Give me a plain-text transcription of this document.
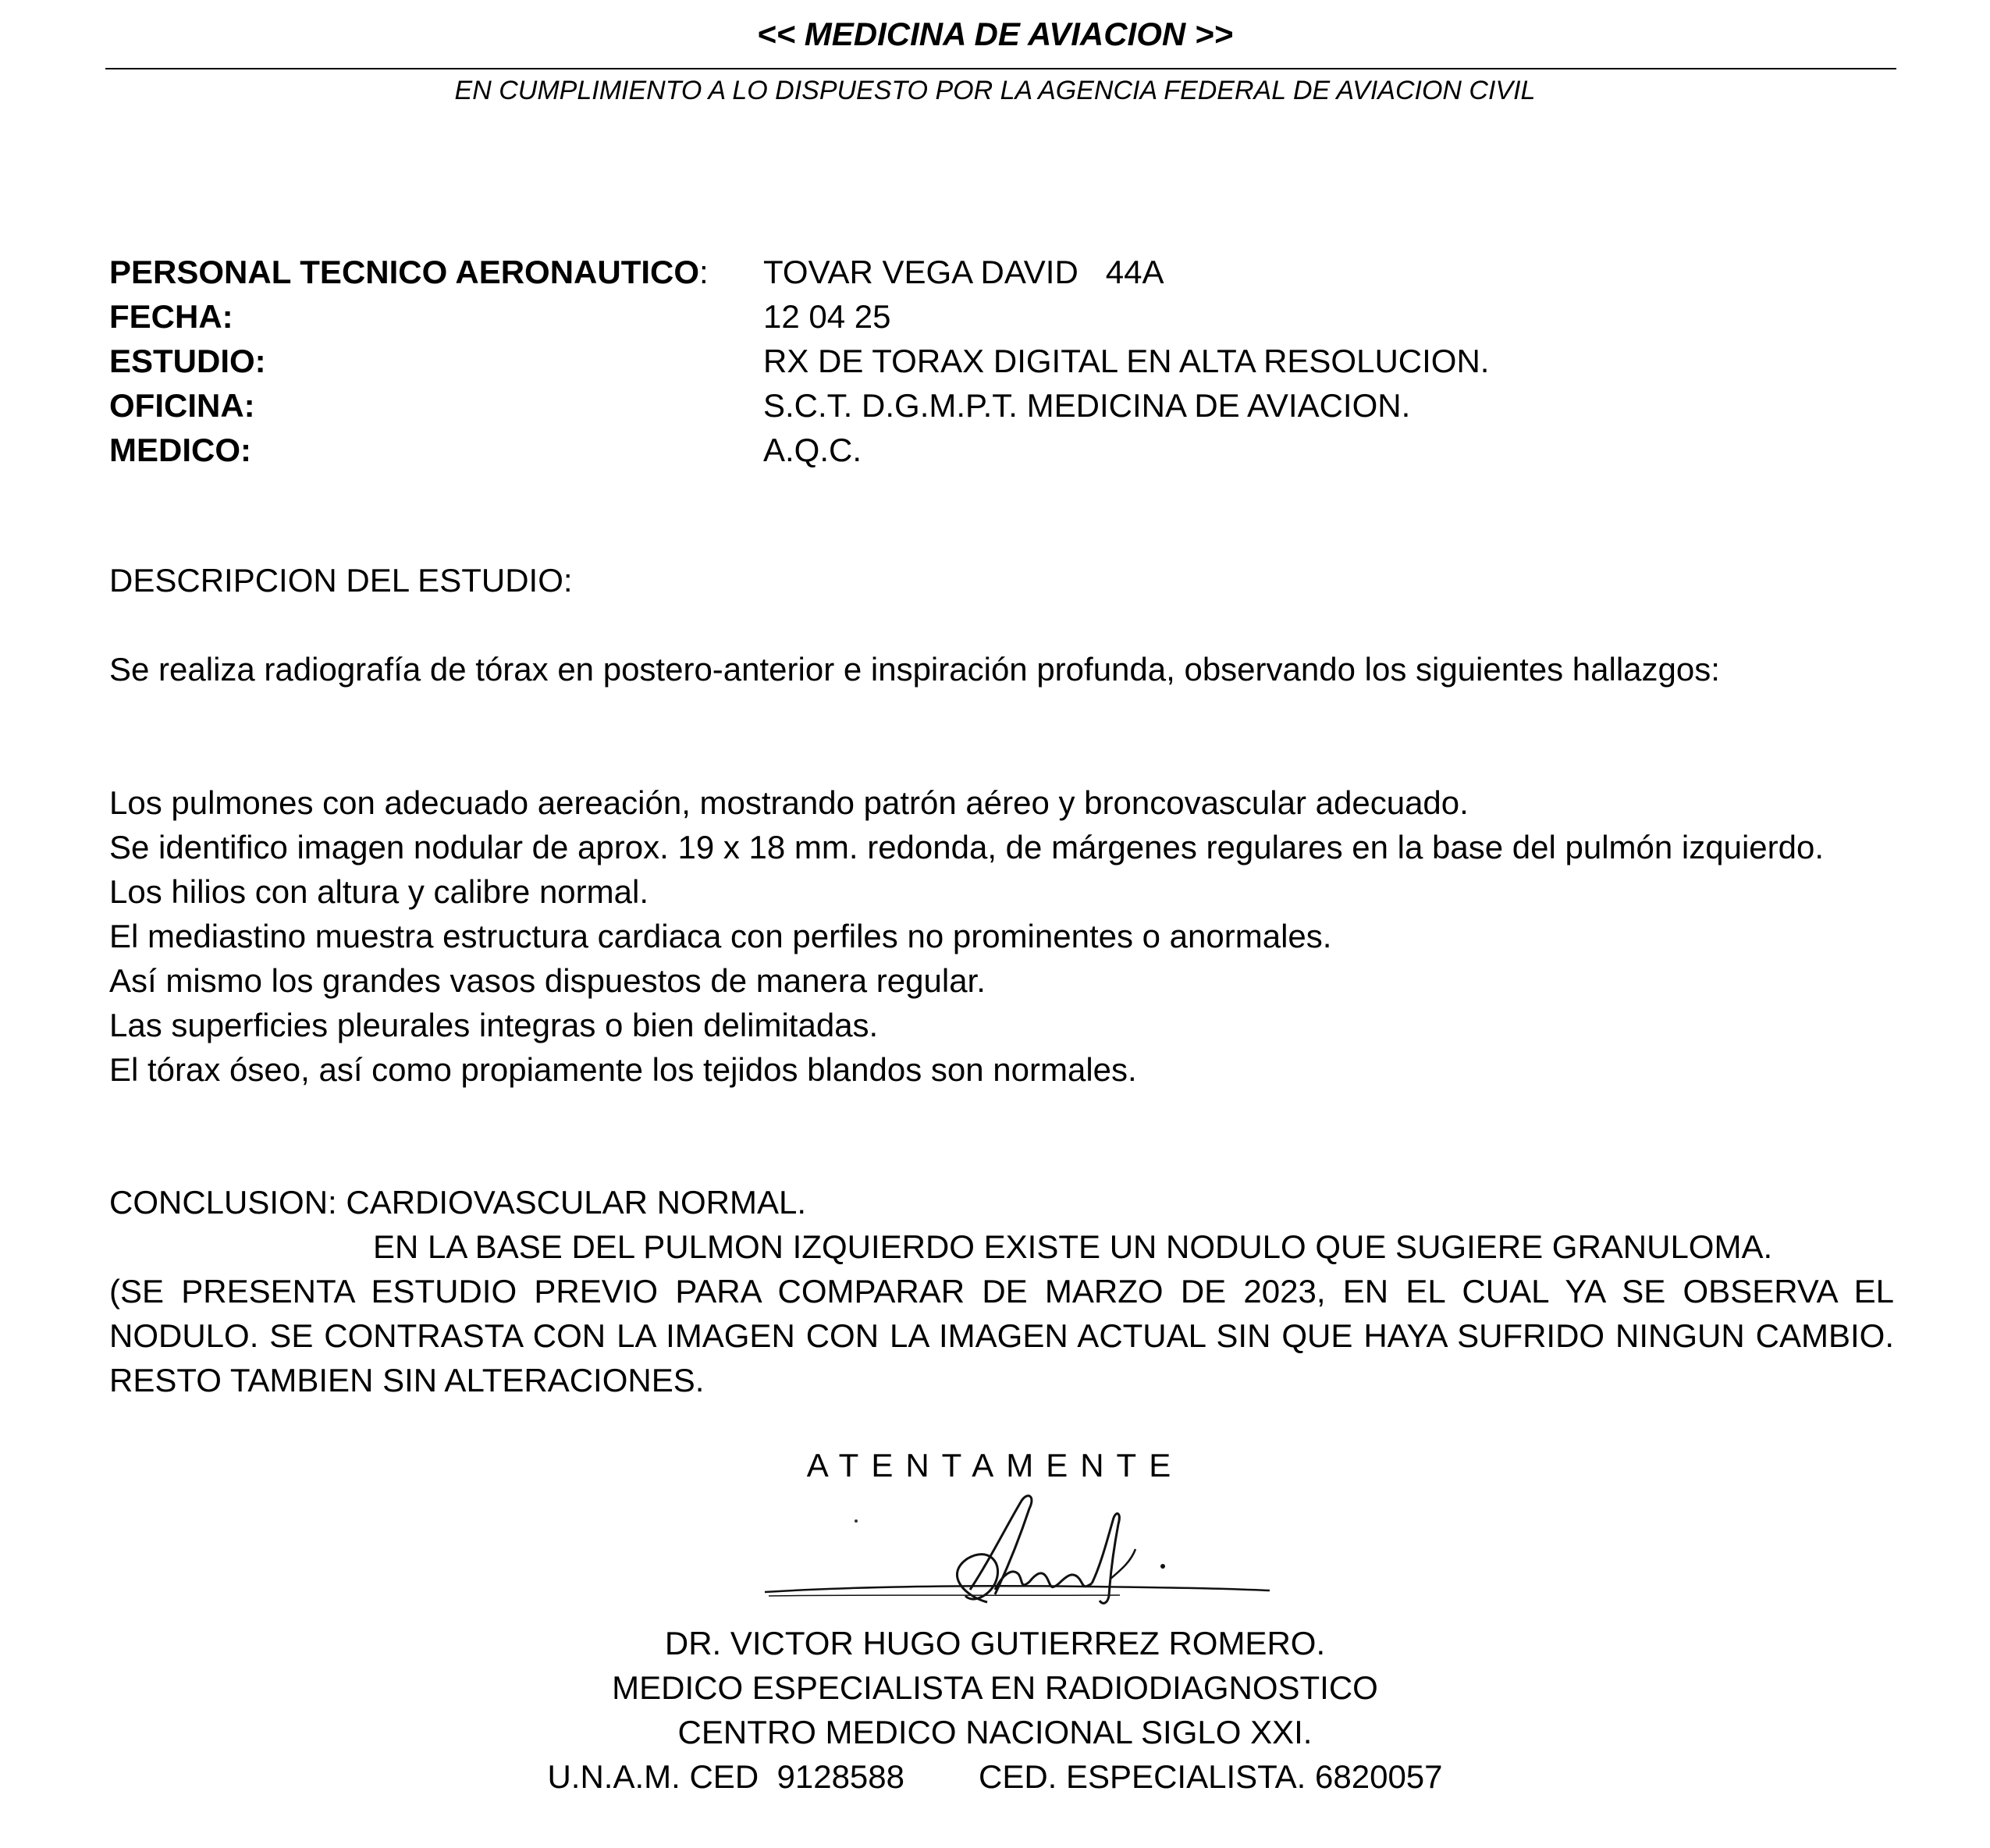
<< MEDICINA DE AVIACION >>
EN CUMPLIMIENTO A LO DISPUESTO POR LA AGENCIA FEDERAL DE AVIACION CIVIL
PERSONAL TECNICO AERONAUTICO:	TOVAR VEGA DAVID   44A
FECHA:	12 04 25
ESTUDIO:	RX DE TORAX DIGITAL EN ALTA RESOLUCION.
OFICINA:	S.C.T. D.G.M.P.T. MEDICINA DE AVIACION.
MEDICO:	A.Q.C.
DESCRIPCION DEL ESTUDIO:
Se realiza radiografía de tórax en postero-anterior e inspiración profunda, observando los siguientes hallazgos:
Los pulmones con adecuado aereación, mostrando patrón aéreo y broncovascular adecuado.
Se identifico imagen nodular de aprox. 19 x 18 mm. redonda, de márgenes regulares en la base del pulmón izquierdo.
Los hilios con altura y calibre normal.
El mediastino muestra estructura cardiaca con perfiles no prominentes o anormales.
Así mismo los grandes vasos dispuestos de manera regular.
Las superficies pleurales integras o bien delimitadas.
El tórax óseo, así como propiamente los tejidos blandos son normales.
CONCLUSION: CARDIOVASCULAR NORMAL.
EN LA BASE DEL PULMON IZQUIERDO EXISTE UN NODULO QUE SUGIERE GRANULOMA.
(SE PRESENTA ESTUDIO PREVIO PARA COMPARAR DE MARZO DE 2023, EN EL CUAL YA SE OBSERVA EL NODULO. SE CONTRASTA CON LA IMAGEN CON LA IMAGEN ACTUAL SIN QUE HAYA SUFRIDO NINGUN CAMBIO. RESTO TAMBIEN SIN ALTERACIONES.
ATENTAMENTE
DR. VICTOR HUGO GUTIERREZ ROMERO.
MEDICO ESPECIALISTA EN RADIODIAGNOSTICO
CENTRO MEDICO NACIONAL SIGLO XXI.
U.N.A.M. CED  9128588 CED. ESPECIALISTA. 6820057
